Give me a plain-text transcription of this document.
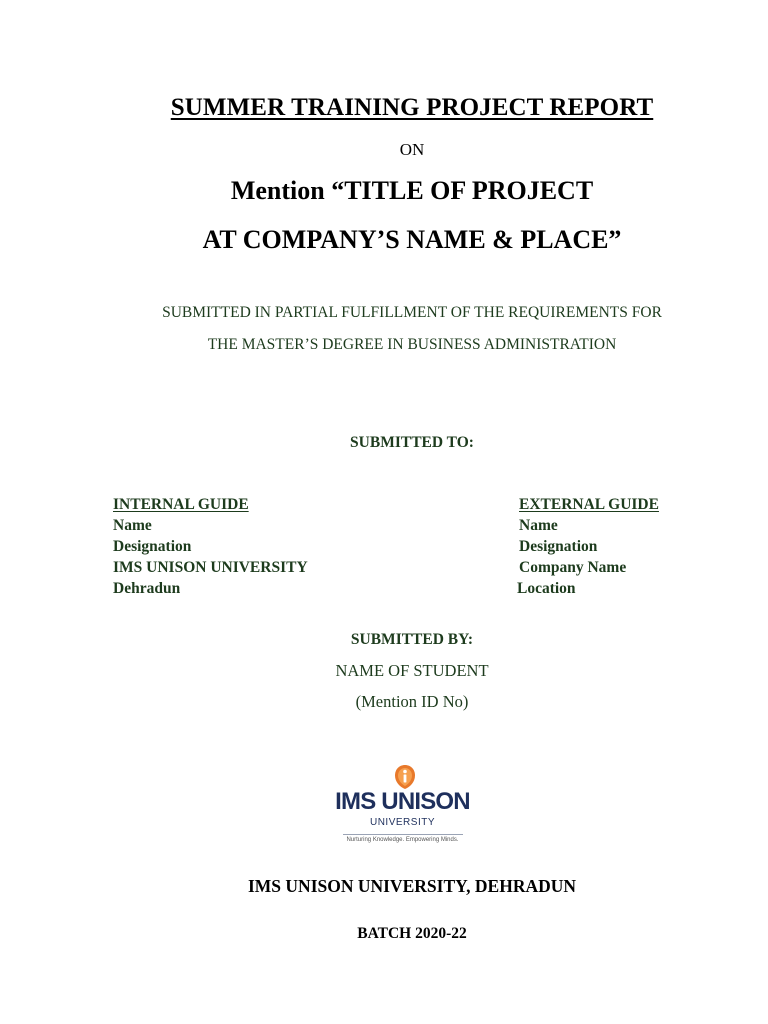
SUMMER TRAINING PROJECT REPORT
ON
Mention “TITLE OF PROJECT
AT COMPANY’S NAME & PLACE”
SUBMITTED IN PARTIAL FULFILLMENT OF THE REQUIREMENTS FOR
THE MASTER’S DEGREE IN BUSINESS ADMINISTRATION
SUBMITTED TO:
INTERNAL GUIDE
Name
Designation
IMS UNISON UNIVERSITY
Dehradun
EXTERNAL GUIDE
Name
Designation
Company Name
Location
SUBMITTED BY:
NAME OF STUDENT
(Mention ID No)
IMS UNISON
UNIVERSITY
Nurturing Knowledge. Empowering Minds.
IMS UNISON UNIVERSITY, DEHRADUN
BATCH 2020-22
